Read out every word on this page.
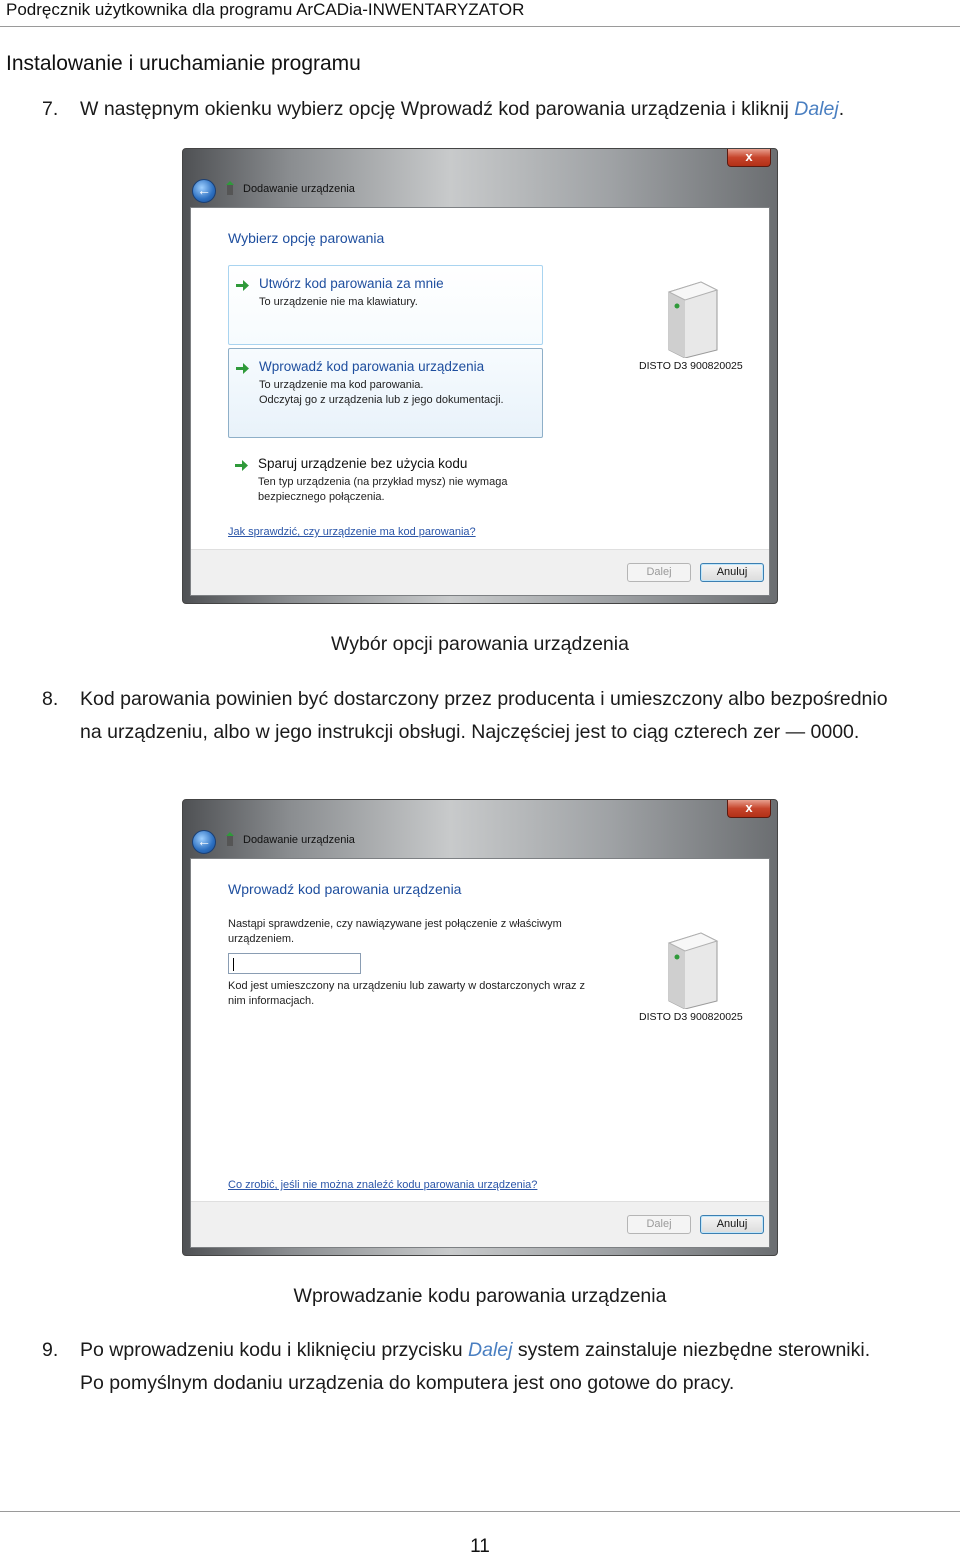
Podręcznik użytkownika dla programu ArCADia-INWENTARYZATOR
Instalowanie i uruchamianie programu
7. W następnym okienku wybierz opcję Wprowadź kod parowania urządzenia i kliknij Dalej.
x
←	Dodawanie urządzenia
Wybierz opcję parowania
Utwórz kod parowania za mnie
To urządzenie nie ma klawiatury.
Wprowadź kod parowania urządzenia
To urządzenie ma kod parowania.
Odczytaj go z urządzenia lub z jego dokumentacji.
Sparuj urządzenie bez użycia kodu
Ten typ urządzenia (na przykład mysz) nie wymaga
bezpiecznego połączenia.
Jak sprawdzić, czy urządzenie ma kod parowania?
DISTO D3 900820025
Dalej	Anuluj
Wybór opcji parowania urządzenia
8. Kod parowania powinien być dostarczony przez producenta i umieszczony albo bezpośrednio
na urządzeniu, albo w jego instrukcji obsługi. Najczęściej jest to ciąg czterech zer — 0000.
x
←	Dodawanie urządzenia
Wprowadź kod parowania urządzenia
Nastąpi sprawdzenie, czy nawiązywane jest połączenie z właściwym
urządzeniem.
Kod jest umieszczony na urządzeniu lub zawarty w dostarczonych wraz z
nim informacjach.
Co zrobić, jeśli nie można znaleźć kodu parowania urządzenia?
DISTO D3 900820025
Dalej	Anuluj
Wprowadzanie kodu parowania urządzenia
9. Po wprowadzeniu kodu i kliknięciu przycisku Dalej system zainstaluje niezbędne sterowniki.
Po pomyślnym dodaniu urządzenia do komputera jest ono gotowe do pracy.
11
